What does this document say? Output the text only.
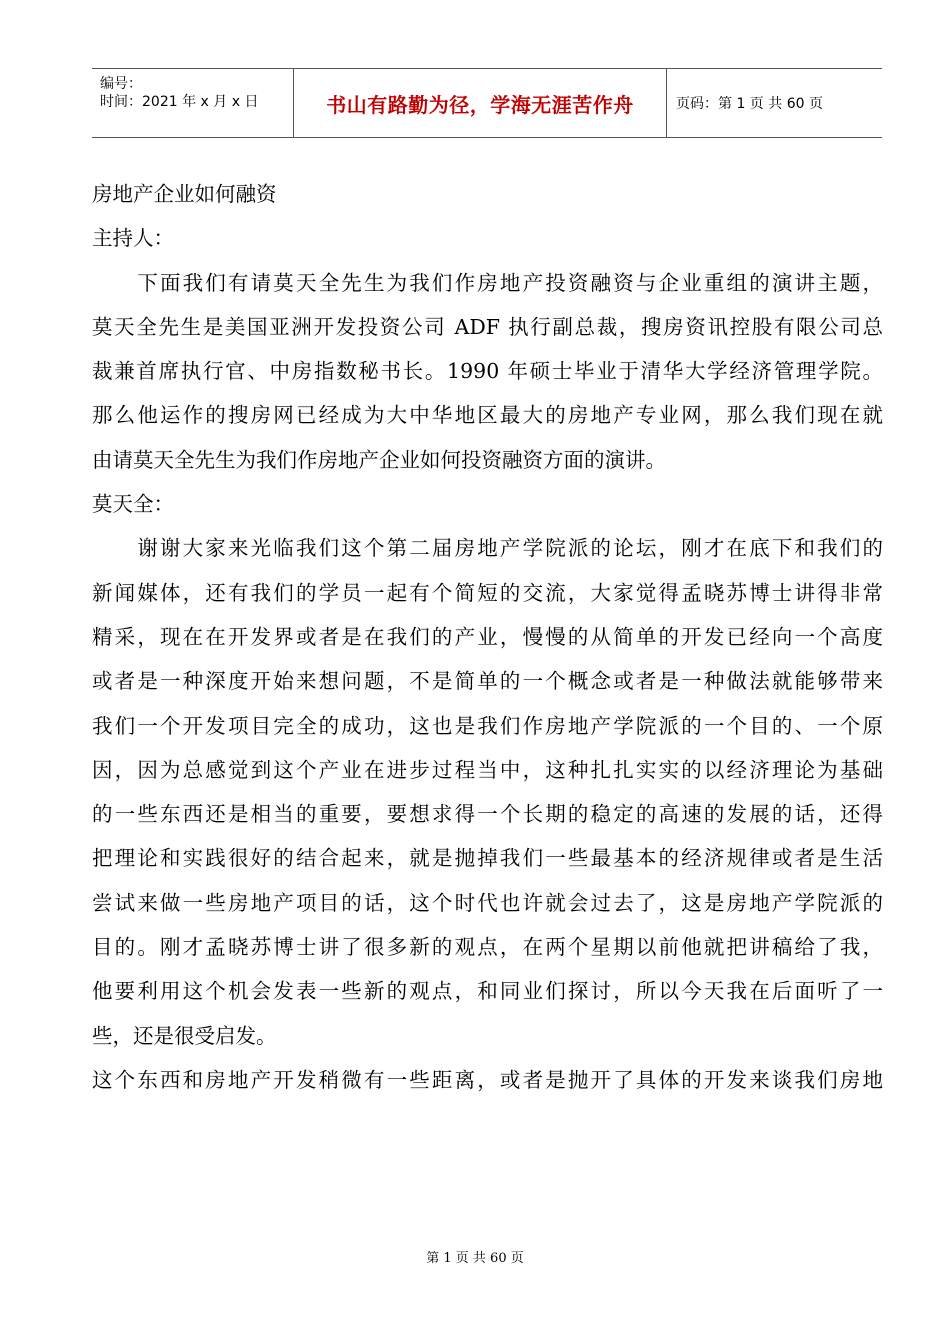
编号：
时间：2021 年 x 月 x 日	书山有路勤为径，学海无涯苦作舟	页码：第 1 页 共 60 页
房地产企业如何融资
主持人：
　　下面我们有请莫天全先生为我们作房地产投资融资与企业重组的演讲主题，
莫天全先生是美国亚洲开发投资公司 ADF 执行副总裁，搜房资讯控股有限公司总
裁兼首席执行官、中房指数秘书长。1990 年硕士毕业于清华大学经济管理学院。
那么他运作的搜房网已经成为大中华地区最大的房地产专业网，那么我们现在就
由请莫天全先生为我们作房地产企业如何投资融资方面的演讲。
莫天全：
　　谢谢大家来光临我们这个第二届房地产学院派的论坛，刚才在底下和我们的
新闻媒体，还有我们的学员一起有个简短的交流，大家觉得孟晓苏博士讲得非常
精采，现在在开发界或者是在我们的产业，慢慢的从简单的开发已经向一个高度
或者是一种深度开始来想问题，不是简单的一个概念或者是一种做法就能够带来
我们一个开发项目完全的成功，这也是我们作房地产学院派的一个目的、一个原
因，因为总感觉到这个产业在进步过程当中，这种扎扎实实的以经济理论为基础
的一些东西还是相当的重要，要想求得一个长期的稳定的高速的发展的话，还得
把理论和实践很好的结合起来，就是抛掉我们一些最基本的经济规律或者是生活
尝试来做一些房地产项目的话，这个时代也许就会过去了，这是房地产学院派的
目的。刚才孟晓苏博士讲了很多新的观点，在两个星期以前他就把讲稿给了我，
他要利用这个机会发表一些新的观点，和同业们探讨，所以今天我在后面听了一
些，还是很受启发。
这个东西和房地产开发稍微有一些距离，或者是抛开了具体的开发来谈我们房地
第 1 页 共 60 页
